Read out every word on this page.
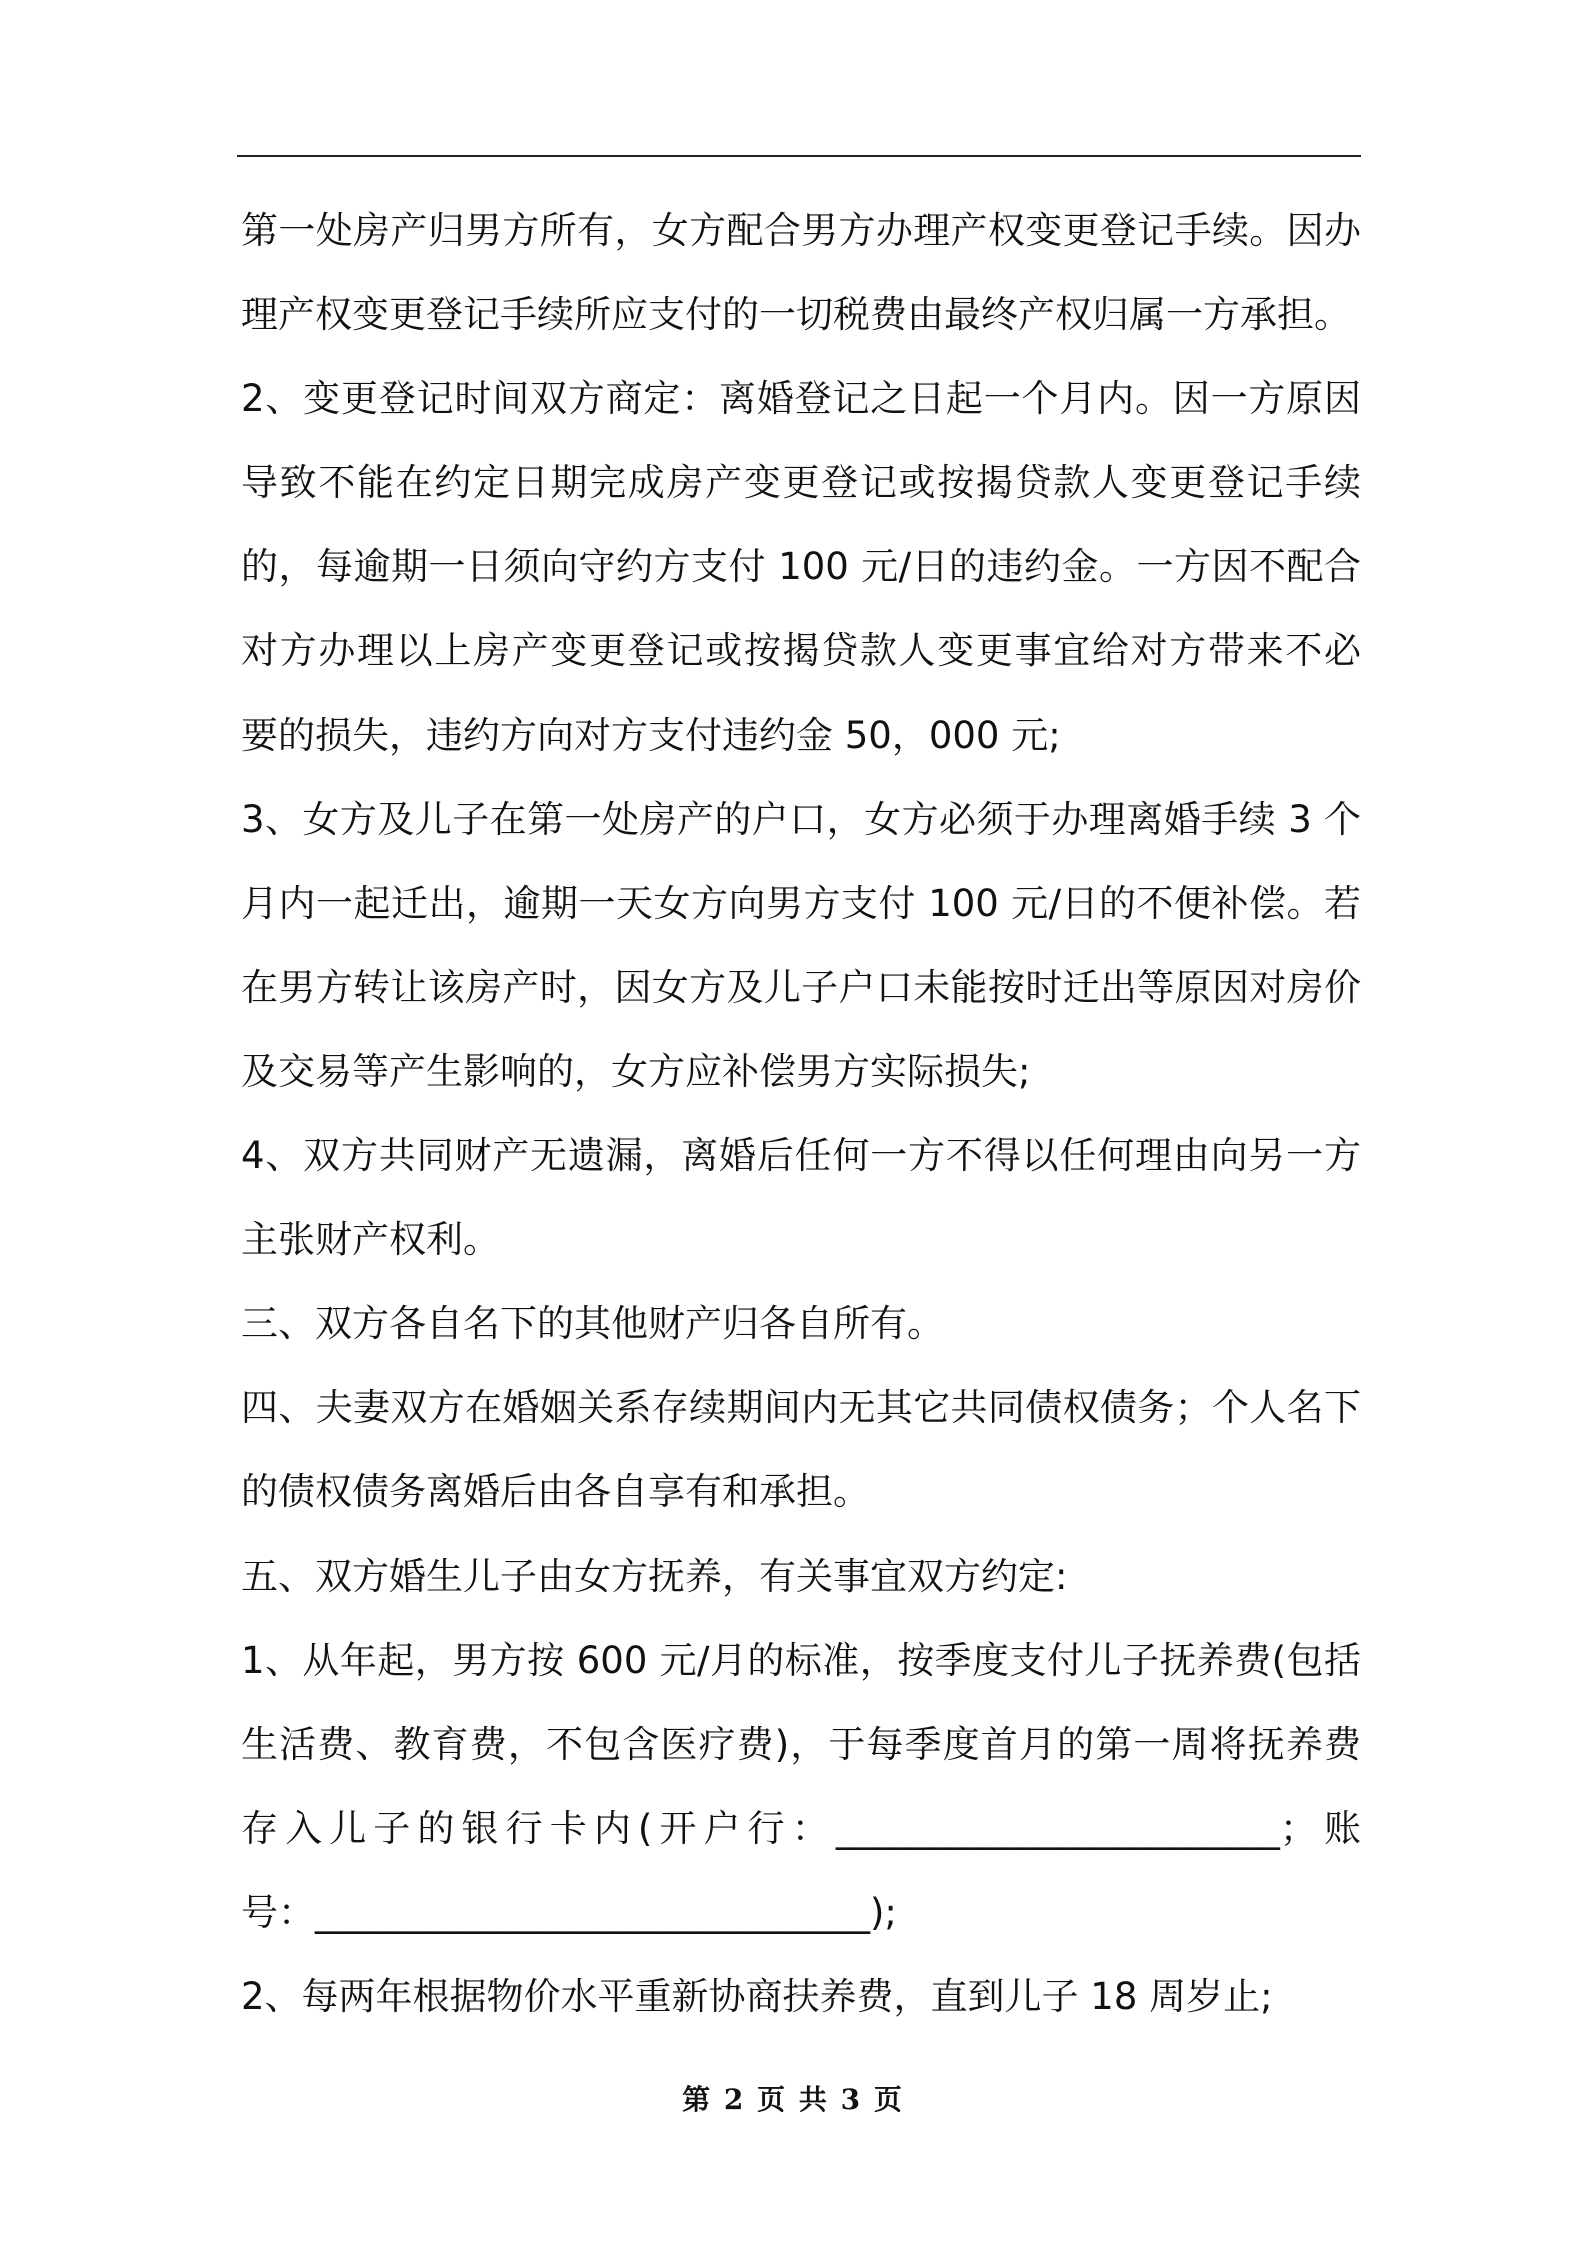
第一处房产归男方所有，女方配合男方办理产权变更登记手续。因办
理产权变更登记手续所应支付的一切税费由最终产权归属一方承担。
2、变更登记时间双方商定：离婚登记之日起一个月内。因一方原因
导致不能在约定日期完成房产变更登记或按揭贷款人变更登记手续
的，每逾期一日须向守约方支付 100 元/日的违约金。一方因不配合
对方办理以上房产变更登记或按揭贷款人变更事宜给对方带来不必
要的损失，违约方向对方支付违约金 50，000 元;
3、女方及儿子在第一处房产的户口，女方必须于办理离婚手续 3 个
月内一起迁出，逾期一天女方向男方支付 100 元/日的不便补偿。若
在男方转让该房产时，因女方及儿子户口未能按时迁出等原因对房价
及交易等产生影响的，女方应补偿男方实际损失;
4、双方共同财产无遗漏，离婚后任何一方不得以任何理由向另一方
主张财产权利。
三、双方各自名下的其他财产归各自所有。
四、夫妻双方在婚姻关系存续期间内无其它共同债权债务；个人名下
的债权债务离婚后由各自享有和承担。
五、双方婚生儿子由女方抚养，有关事宜双方约定:
1、从年起，男方按 600 元/月的标准，按季度支付儿子抚养费(包括
生活费、教育费，不包含医疗费)，于每季度首月的第一周将抚养费
存入儿子的银行卡内(开户行：________________________；账
号：______________________________);
2、每两年根据物价水平重新协商扶养费，直到儿子 18 周岁止;
第 2 页 共 3 页
